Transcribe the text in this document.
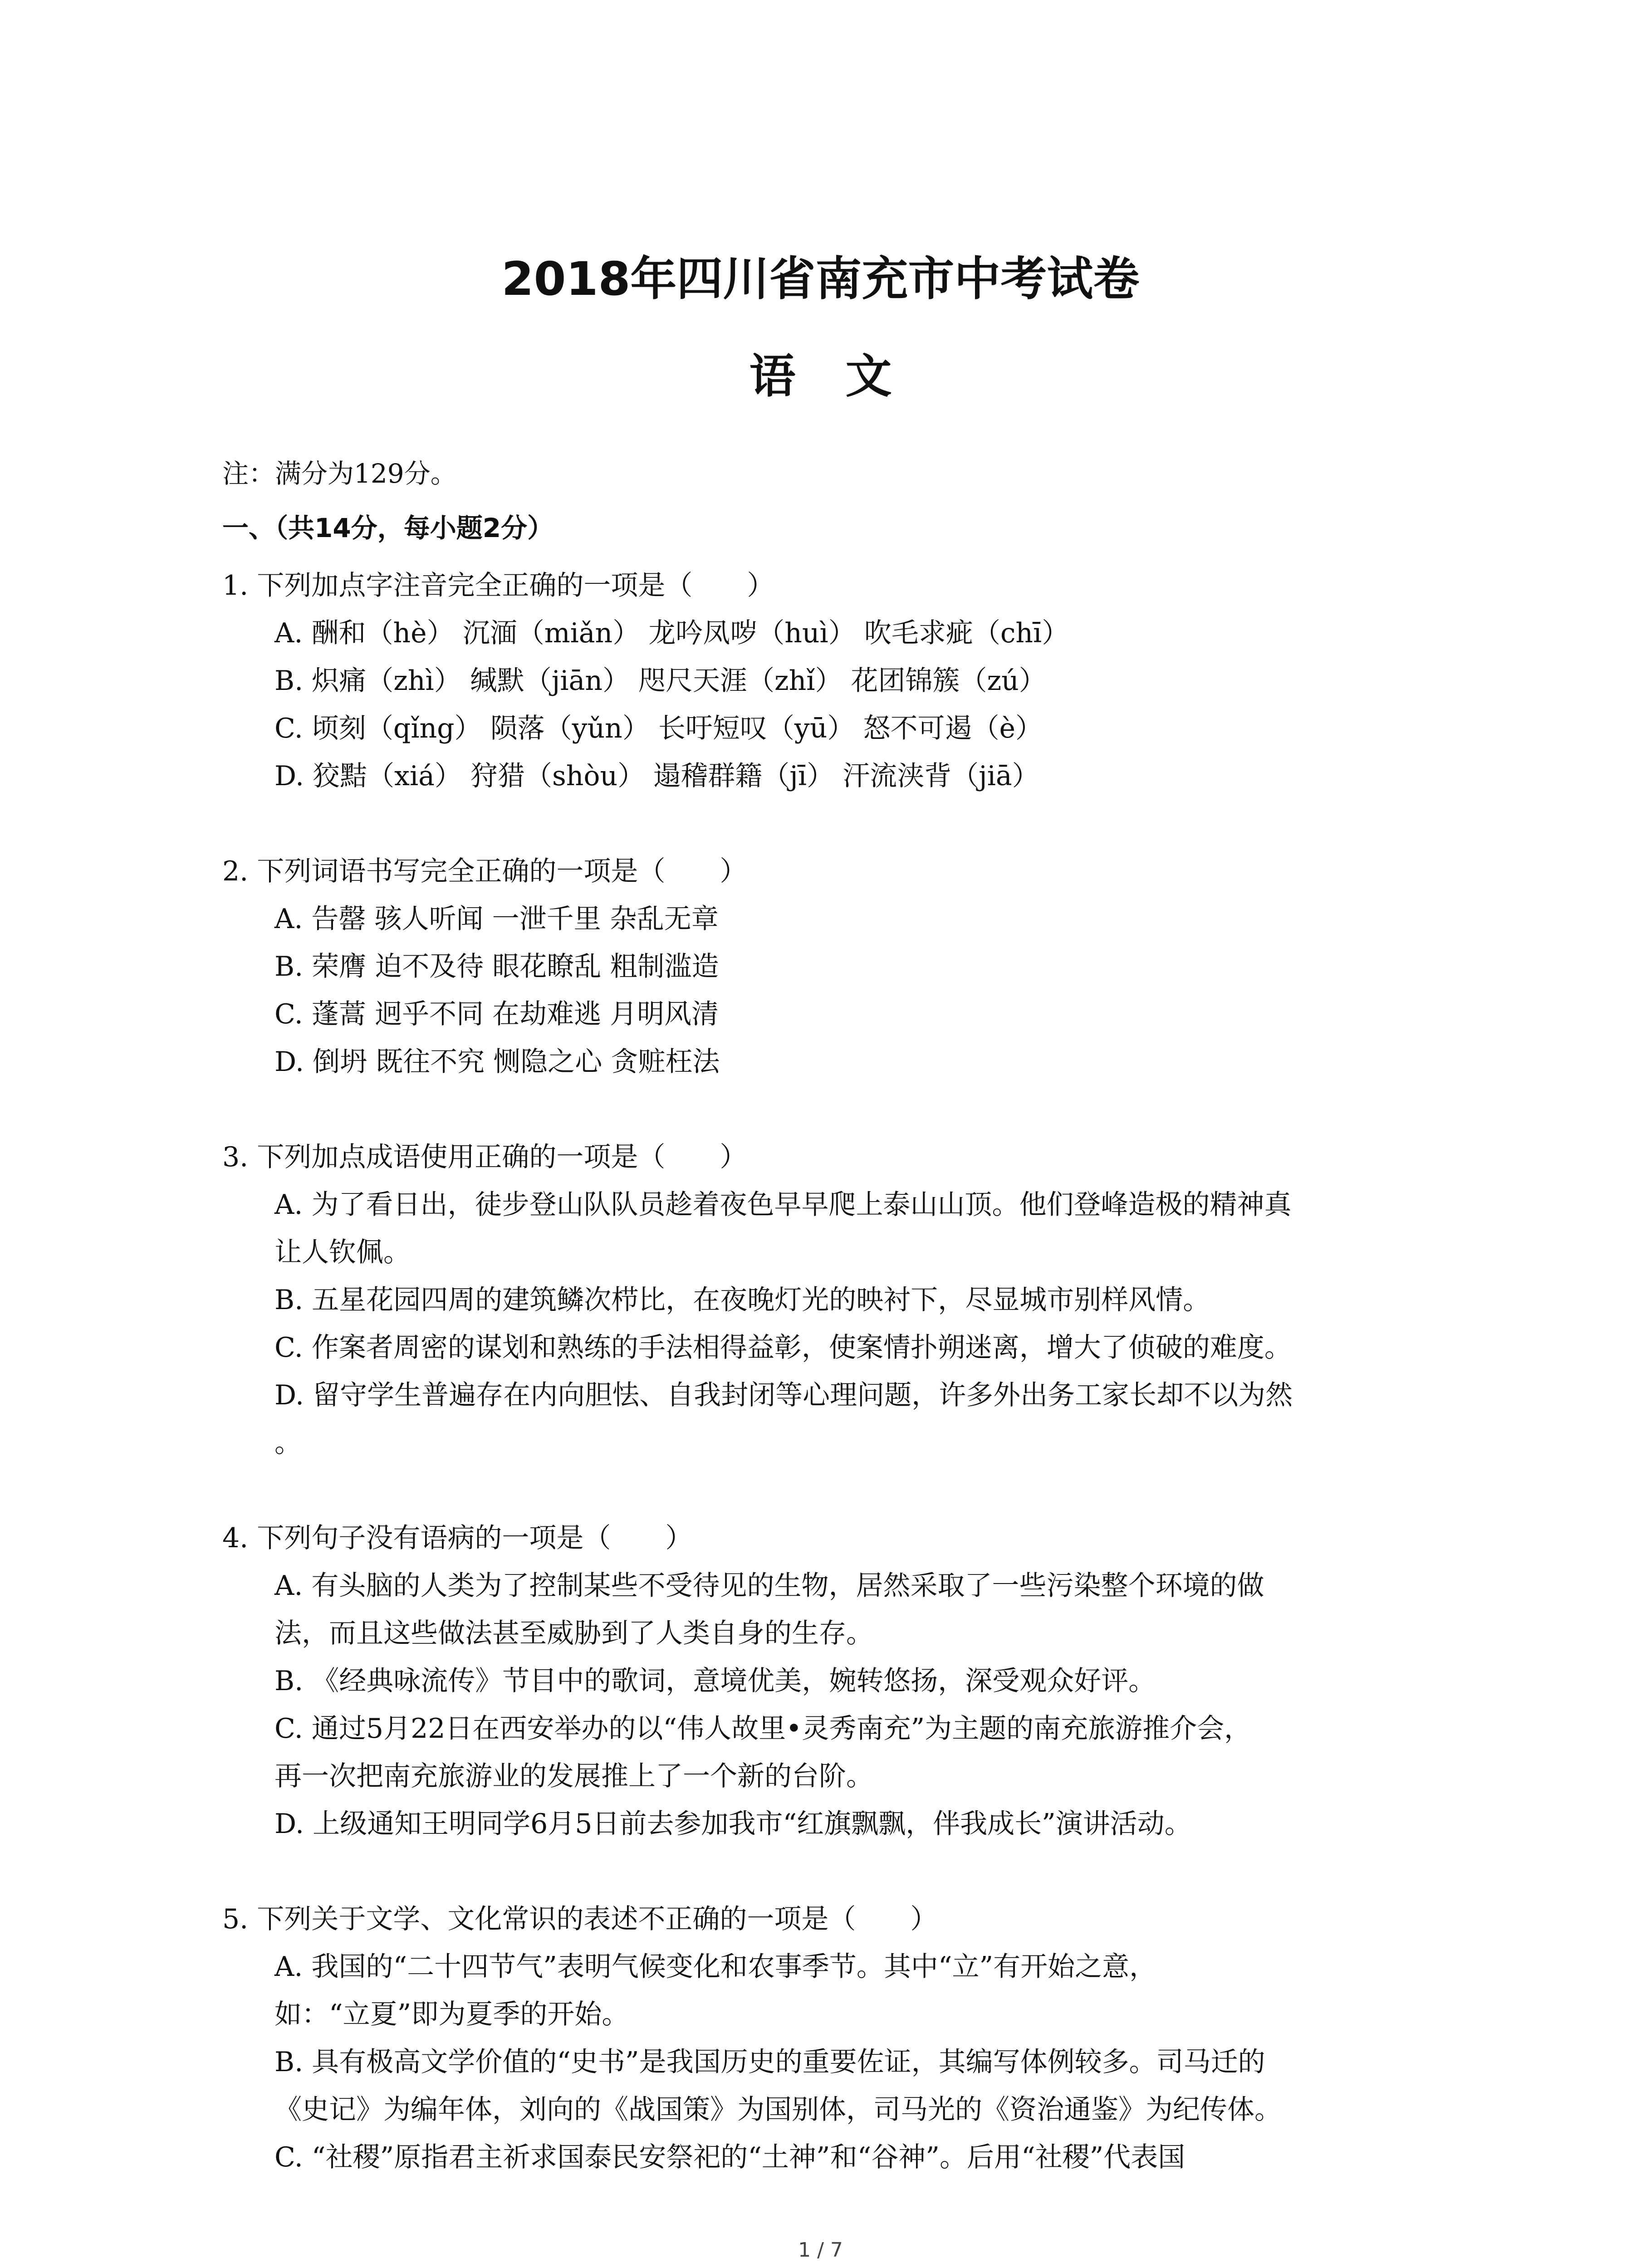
2018年四川省南充市中考试卷
语文
注：满分为129分。
一、（共14分，每小题2分）
1. 下列加点字注音完全正确的一项是（　　）
A. 酬和（hè） 沉湎（miǎn） 龙吟凤哕（huì） 吹毛求疵（chī）
B. 炽痛（zhì） 缄默（jiān） 咫尺天涯（zhǐ） 花团锦簇（zú）
C. 顷刻（qǐng） 陨落（yǔn） 长吁短叹（yū） 怒不可遏（è）
D. 狡黠（xiá） 狩猎（shòu） 遢稽群籍（jī） 汗流浃背（jiā）
2. 下列词语书写完全正确的一项是（　　）
A. 告罄 骇人听闻 一泄千里 杂乱无章
B. 荣膺 迫不及待 眼花瞭乱 粗制滥造
C. 蓬蒿 迥乎不同 在劫难逃 月明风清
D. 倒坍 既往不究 恻隐之心 贪赃枉法
3. 下列加点成语使用正确的一项是（　　）
A. 为了看日出，徒步登山队队员趁着夜色早早爬上泰山山顶。他们登峰造极的精神真
让人钦佩。
B. 五星花园四周的建筑鳞次栉比，在夜晚灯光的映衬下，尽显城市别样风情。
C. 作案者周密的谋划和熟练的手法相得益彰，使案情扑朔迷离，增大了侦破的难度。
D. 留守学生普遍存在内向胆怯、自我封闭等心理问题，许多外出务工家长却不以为然
。
4. 下列句子没有语病的一项是（　　）
A. 有头脑的人类为了控制某些不受待见的生物，居然采取了一些污染整个环境的做
法，而且这些做法甚至威胁到了人类自身的生存。
B. 《经典咏流传》节目中的歌词，意境优美，婉转悠扬，深受观众好评。
C. 通过5月22日在西安举办的以“伟人故里•灵秀南充”为主题的南充旅游推介会，
再一次把南充旅游业的发展推上了一个新的台阶。
D. 上级通知王明同学6月5日前去参加我市“红旗飘飘，伴我成长”演讲活动。
5. 下列关于文学、文化常识的表述不正确的一项是（　　）
A. 我国的“二十四节气”表明气候变化和农事季节。其中“立”有开始之意，
如：“立夏”即为夏季的开始。
B. 具有极高文学价值的“史书”是我国历史的重要佐证，其编写体例较多。司马迁的
《史记》为编年体，刘向的《战国策》为国别体，司马光的《资治通鉴》为纪传体。
C. “社稷”原指君主祈求国泰民安祭祀的“土神”和“谷神”。后用“社稷”代表国
1 / 7
